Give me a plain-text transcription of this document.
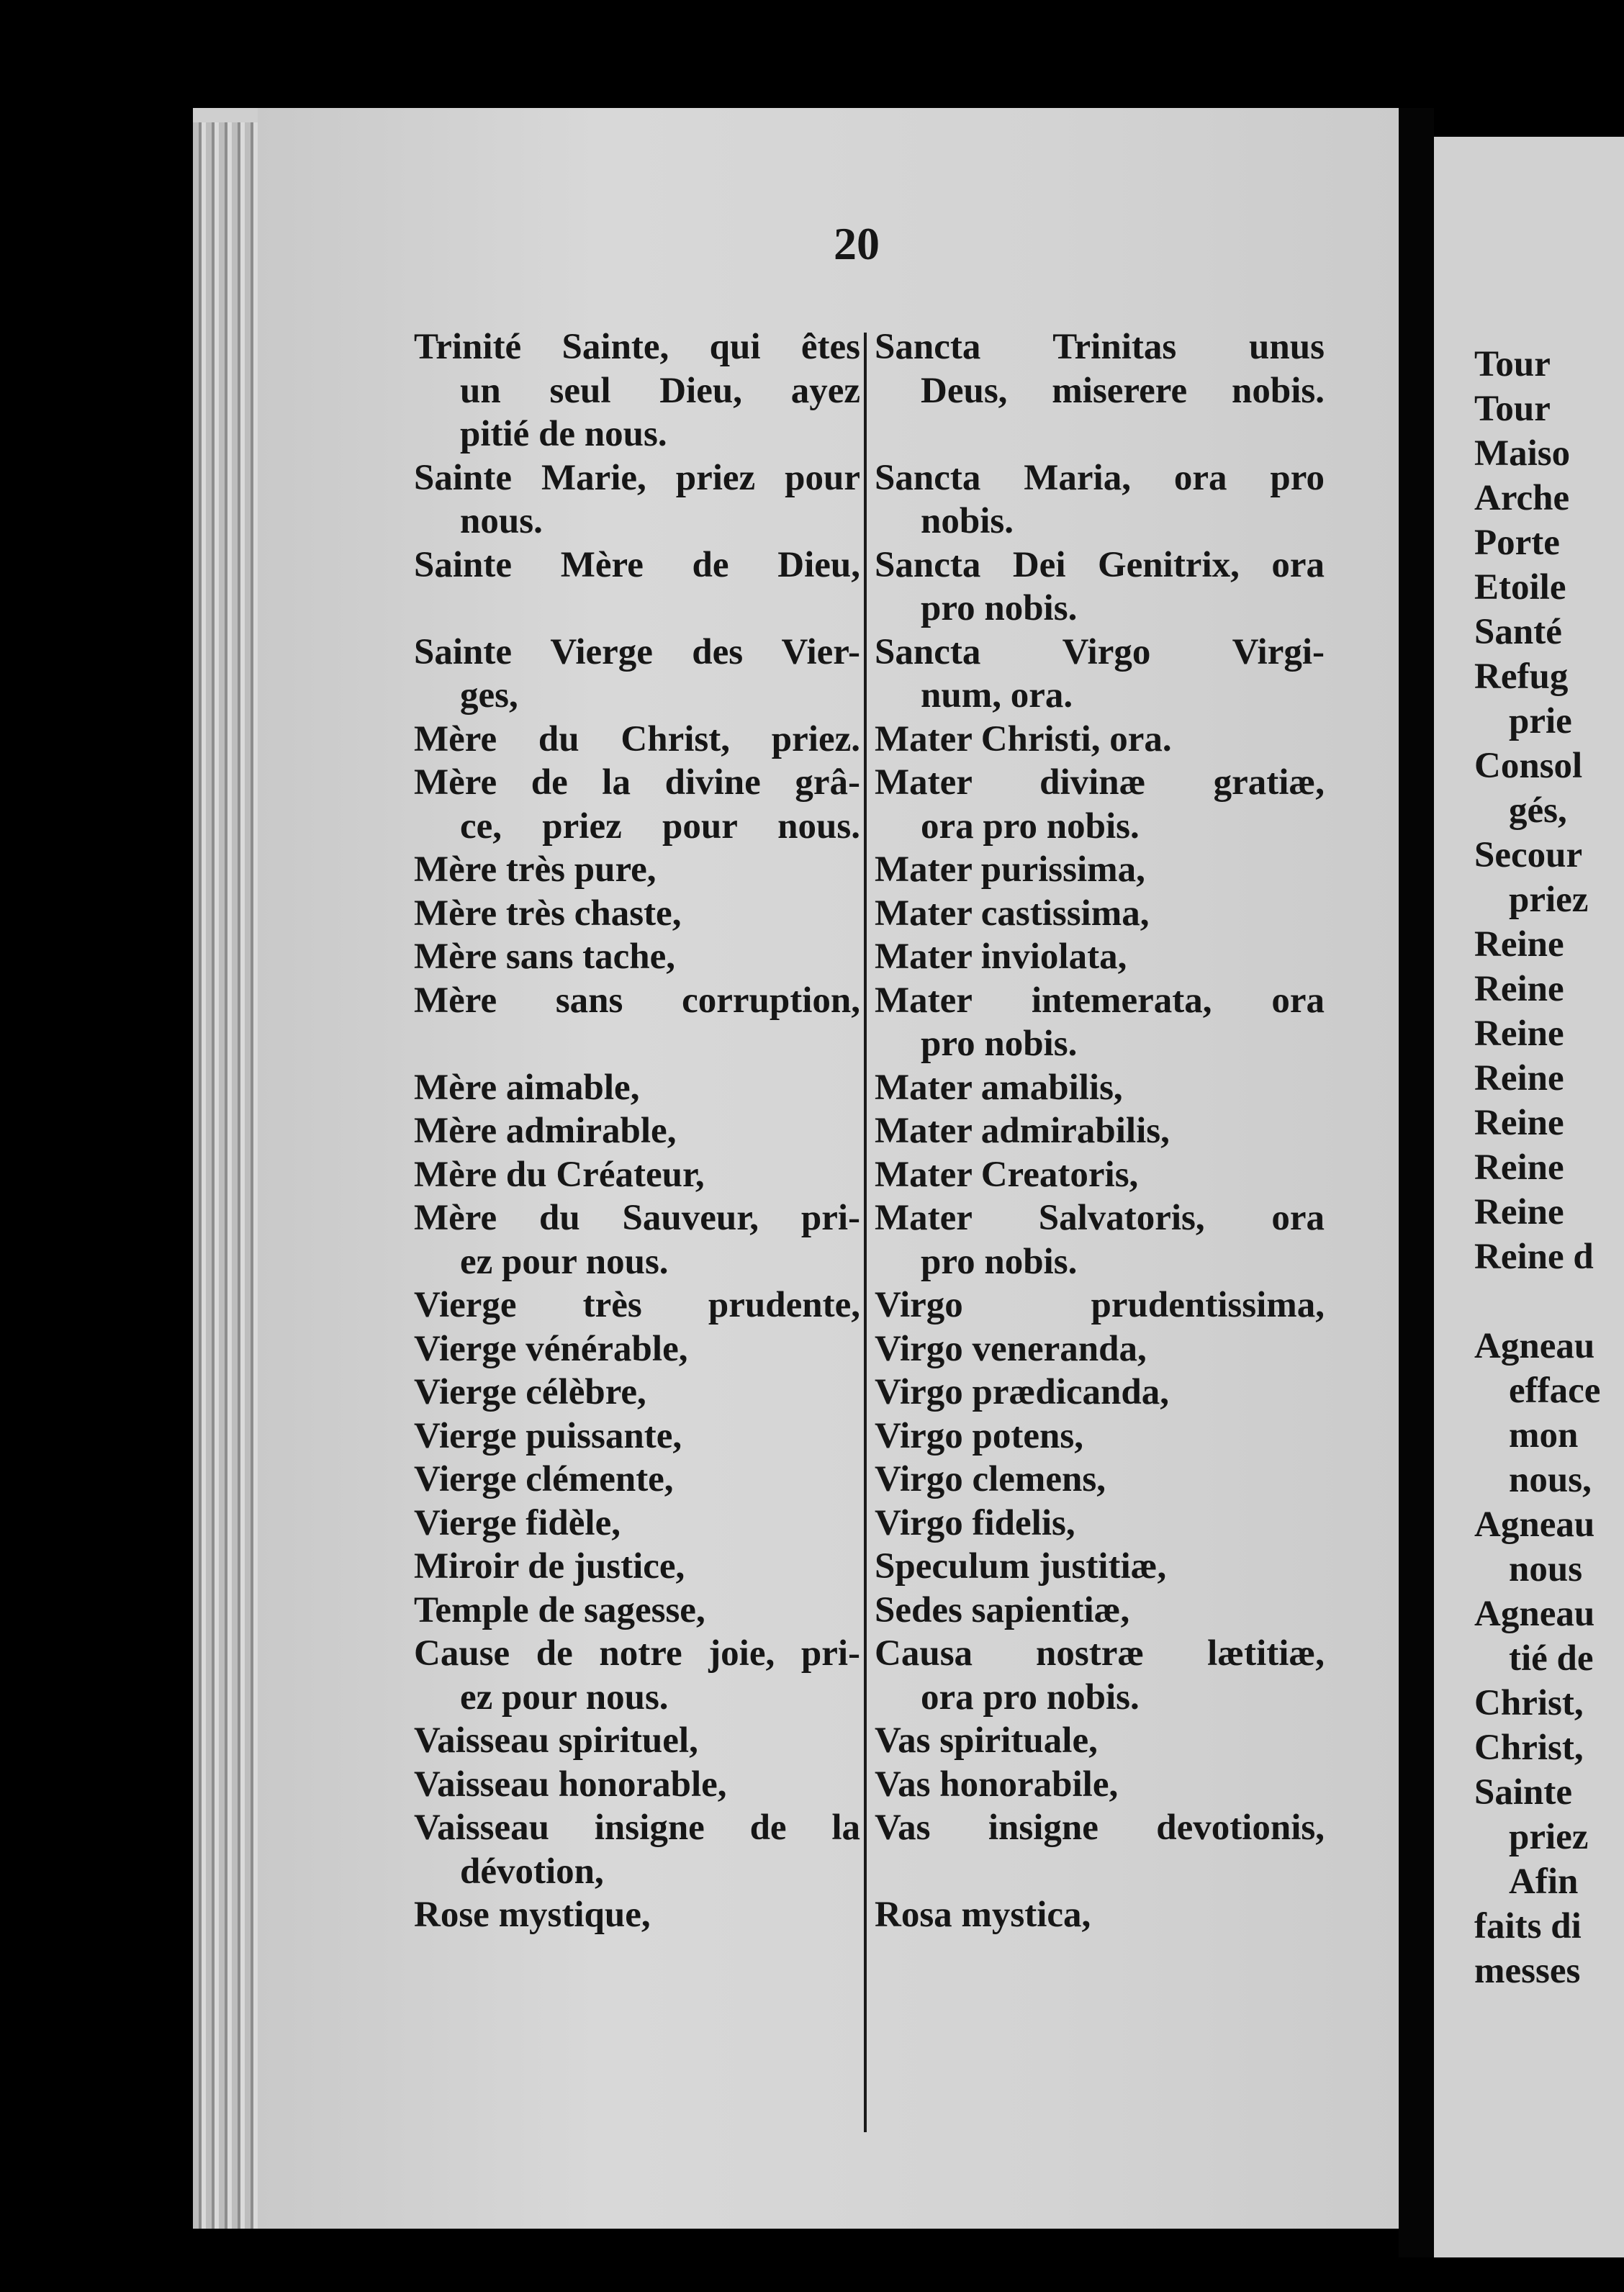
20
Trinité Sainte, qui êtes
un seul Dieu, ayez
pitié de nous.
Sainte Marie, priez pour
nous.
Sainte Mère de Dieu,
Sainte Vierge des Vier-
ges,
Mère du Christ, priez.
Mère de la divine grâ-
ce, priez pour nous.
Mère très pure,
Mère très chaste,
Mère sans tache,
Mère sans corruption,
Mère aimable,
Mère admirable,
Mère du Créateur,
Mère du Sauveur, pri-
ez pour nous.
Vierge très prudente,
Vierge vénérable,
Vierge célèbre,
Vierge puissante,
Vierge clémente,
Vierge fidèle,
Miroir de justice,
Temple de sagesse,
Cause de notre joie, pri-
ez pour nous.
Vaisseau spirituel,
Vaisseau honorable,
Vaisseau insigne de la
dévotion,
Rose mystique,
Sancta Trinitas unus
Deus, miserere nobis.
Sancta Maria, ora pro
nobis.
Sancta Dei Genitrix, ora
pro nobis.
Sancta Virgo Virgi-
num, ora.
Mater Christi, ora.
Mater divinæ gratiæ,
ora pro nobis.
Mater purissima,
Mater castissima,
Mater inviolata,
Mater intemerata, ora
pro nobis.
Mater amabilis,
Mater admirabilis,
Mater Creatoris,
Mater Salvatoris, ora
pro nobis.
Virgo prudentissima,
Virgo veneranda,
Virgo prædicanda,
Virgo potens,
Virgo clemens,
Virgo fidelis,
Speculum justitiæ,
Sedes sapientiæ,
Causa nostræ lætitiæ,
ora pro nobis.
Vas spirituale,
Vas honorabile,
Vas insigne devotionis,
Rosa mystica,
Tour
Tour
Maiso
Arche
Porte
Etoile
Santé
Refug
prie
Consol
gés,
Secour
priez
Reine
Reine
Reine
Reine
Reine
Reine
Reine
Reine d

Agneau
efface
mon
nous,
Agneau
nous
Agneau
tié de
Christ,
Christ,
Sainte
priez
Afin
faits di
messes
